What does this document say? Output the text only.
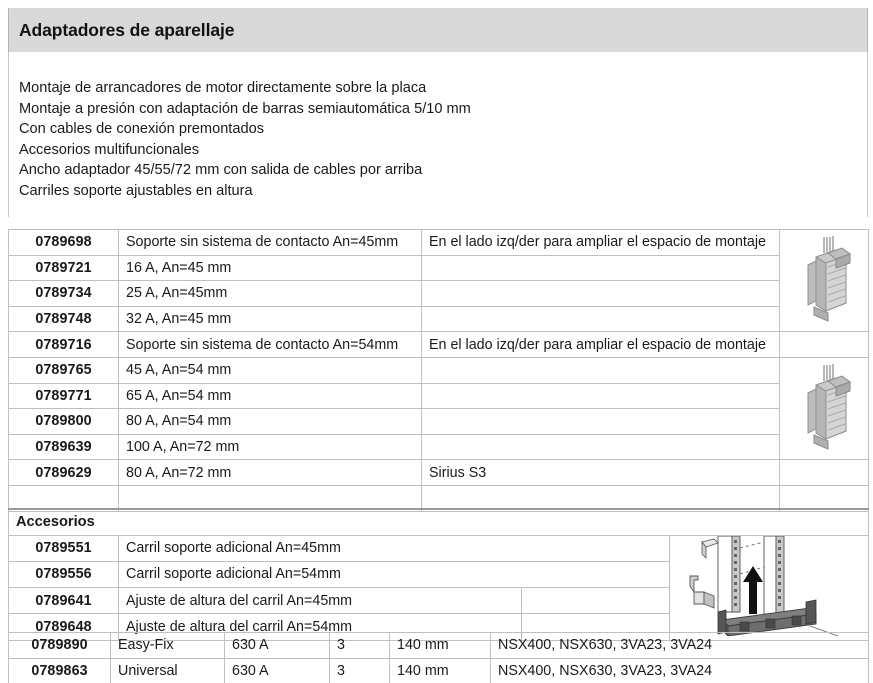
Adaptadores de aparellaje
Montaje de arrancadores de motor directamente sobre la placa
Montaje a presión con adaptación de barras semiautomática 5/10 mm
Con cables de conexión premontados
Accesorios multifuncionales
Ancho adaptador 45/55/72 mm con salida de cables por arriba
Carriles soporte ajustables en altura
0789698	Soporte sin sistema de contacto An=45mm	En el lado izq/der para ampliar el espacio de montaje	

0789721	16 A, An=45 mm		
0789734	25 A, An=45mm		
0789748	32 A, An=45 mm		
0789716	Soporte sin sistema de contacto An=54mm	En el lado izq/der para ampliar el espacio de montaje	
0789765	45 A, An=54 mm		

0789771	65 A, An=54 mm		
0789800	80 A, An=54 mm		
0789639	100 A, An=72 mm		
0789629	80 A, An=72 mm	Sirius S3	

Accesorios			
0789551	Carril soporte adicional An=45mm	
0789556	Carril soporte adicional An=54mm		
0789641	Ajuste de altura del carril An=45mm		
0789648	Ajuste de altura del carril An=54mm		
0789890	Easy-Fix	630 A	3	140 mm	NSX400, NSX630, 3VA23, 3VA24
0789863	Universal	630 A	3	140 mm	NSX400, NSX630, 3VA23, 3VA24
